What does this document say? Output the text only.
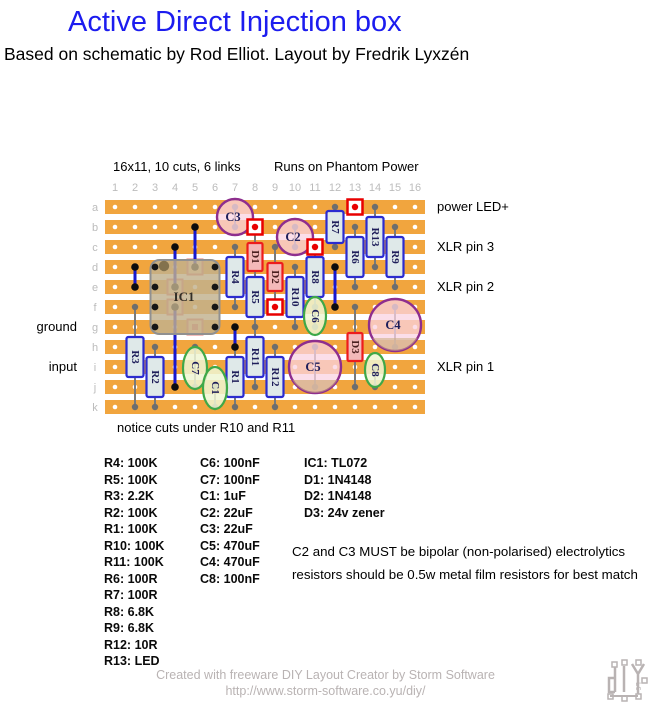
1 2 3 4 5 6 7 8 9 10 11 12 13 14 15 16
a
b
c
d
e
f
g
h
i
j
k
IC1
R3
R2
R4
R1
R5
R11
R12
R10
R8
R7
R6
R13
R9
D1
D2
D3
C3
C2
C5
C4
C6
C7
C1
C8
Active Direct Injection box
Based on schematic by Rod Elliot. Layout by Fredrik Lyxzén
16x11, 10 cuts, 6 links	Runs on Phantom Power
notice cuts under R10 and R11
ground
input
power LED+
XLR pin 3
XLR pin 2
XLR pin 1
R4: 100K
R5: 100K
R3: 2.2K
R2: 100K
R1: 100K
R10: 100K
R11: 100K
R6: 100R
R7: 100R
R8: 6.8K
R9: 6.8K
R12: 10R
R13: LED
C6: 100nF
C7: 100nF
C1: 1uF
C2: 22uF
C3: 22uF
C5: 470uF
C4: 470uF
C8: 100nF
IC1: TL072
D1: 1N4148
D2: 1N4148
D3: 24v zener
C2 and C3 MUST be bipolar (non-polarised) electrolytics
resistors should be 0.5w metal film resistors for best match
Created with freeware DIY Layout Creator by Storm Software
http://www.storm-software.co.yu/diy/	LC
